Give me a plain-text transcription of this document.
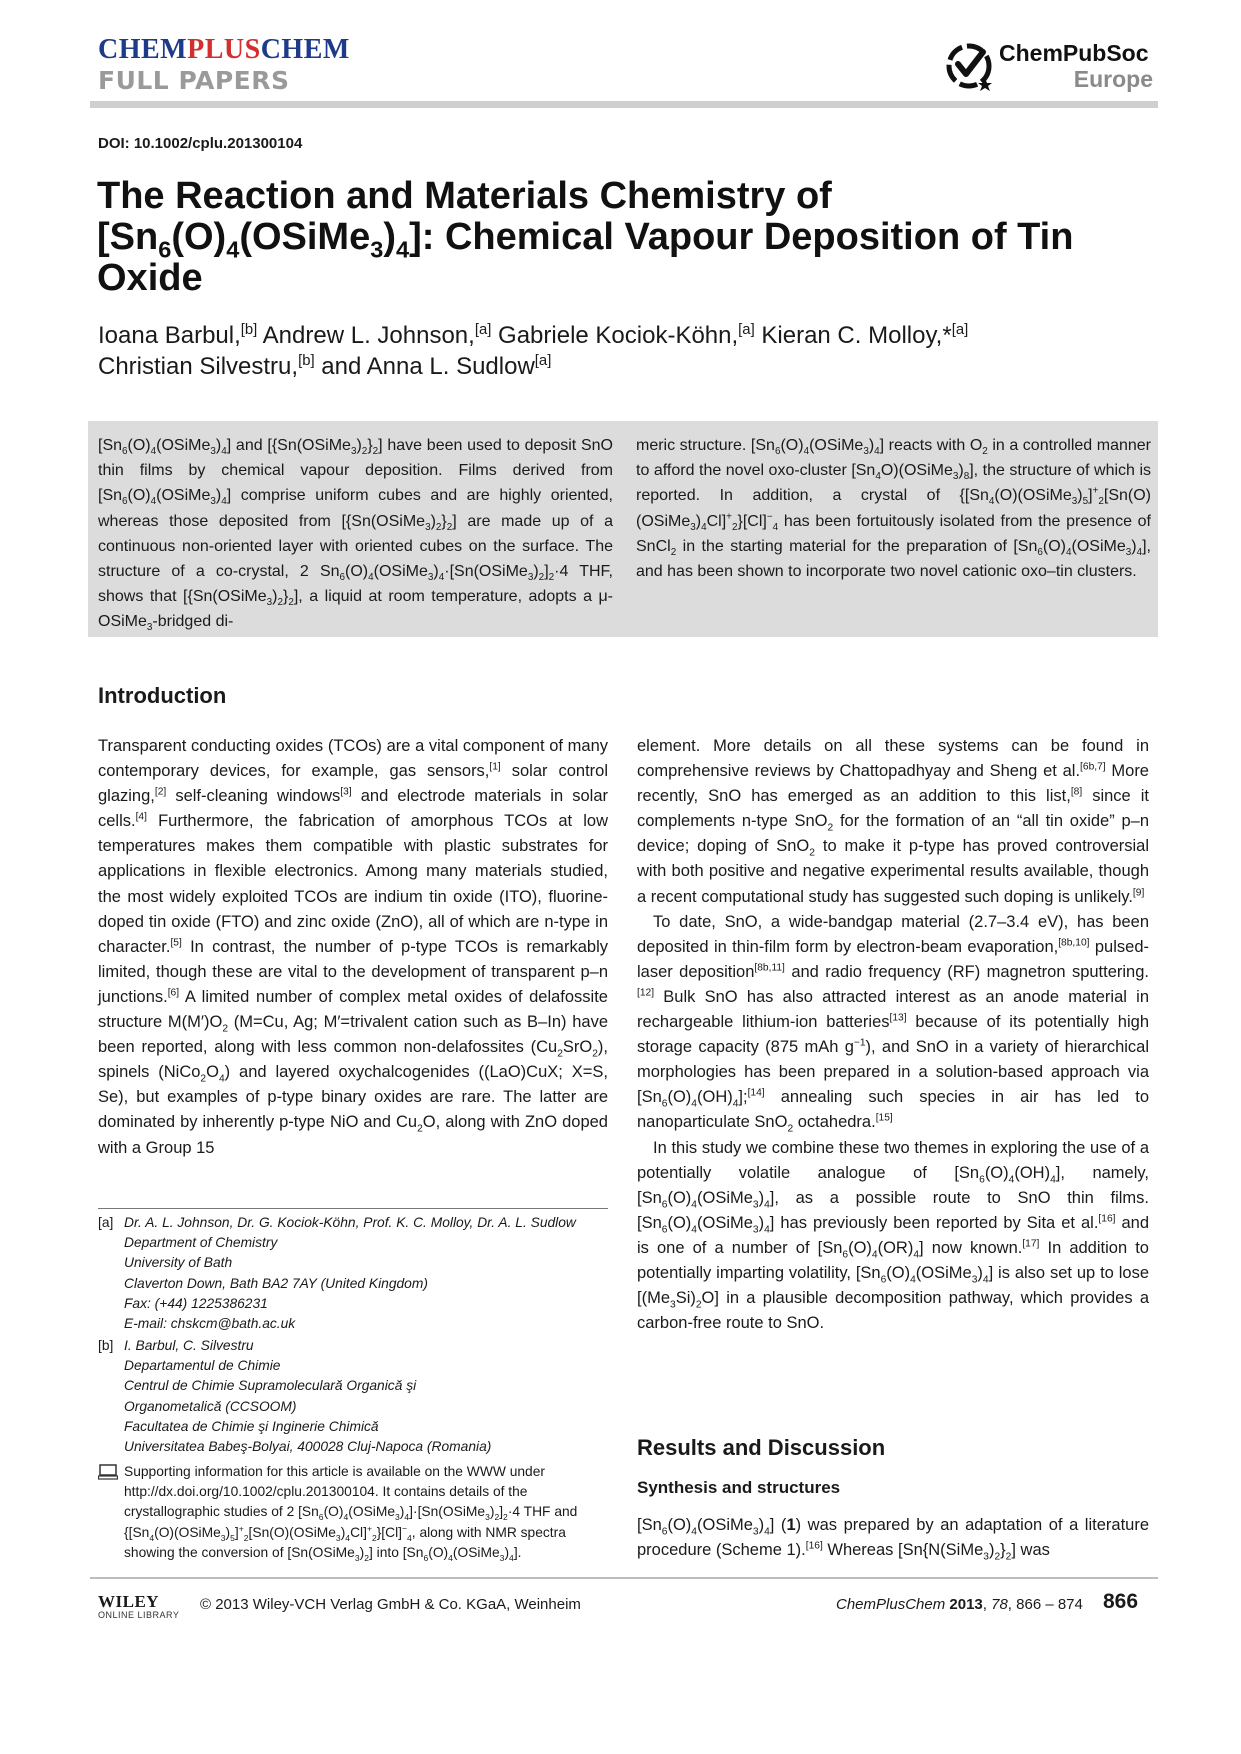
CHEMPLUSCHEM
FULL PAPERS
ChemPubSoc
Europe
DOI: 10.1002/cplu.201300104
The Reaction and Materials Chemistry of
$[Sn_6(O)_4(OSiMe_3)_4]$: Chemical Vapour Deposition of Tin
Oxide
Ioana Barbul,[b] Andrew L. Johnson,[a] Gabriele Kociok-Köhn,[a] Kieran C. Molloy,*[a]
Christian Silvestru,[b] and Anna L. Sudlow[a]
$[Sn_6(O)_4(OSiMe_3)_4]$ and $[\{Sn(OSiMe_3)_2\}_2]$ have been used to deposit SnO thin films by chemical vapour deposition. Films derived from $[Sn_6(O)_4(OSiMe_3)_4]$ comprise uniform cubes and are highly oriented, whereas those deposited from $[\{Sn(OSiMe_3)_2\}_2]$ are made up of a continuous non-oriented layer with oriented cubes on the surface. The structure of a co-crystal, 2 $Sn_6(O)_4(OSiMe_3)_4\cdot[Sn(OSiMe_3)_2]_2\cdot 4$ THF, shows that $[\{Sn(OSiMe_3)_2\}_2]$, a liquid at room temperature, adopts a μ-OSiMe$_3$-bridged di-
meric structure. $[Sn_6(O)_4(OSiMe_3)_4]$ reacts with $O_2$ in a controlled manner to afford the novel oxo-cluster $[Sn_4O)(OSiMe_3)_8$], the structure of which is reported. In addition, a crystal of $\{[Sn_4(O)(OSiMe_3)_5]^+_2[Sn(O)(OSiMe_3)_4Cl]^+_2\}[Cl]^-_4$ has been fortuitously isolated from the presence of SnCl$_2$ in the starting material for the preparation of $[Sn_6(O)_4(OSiMe_3)_4]$, and has been shown to incorporate two novel cationic oxo–tin clusters.
Introduction

Transparent conducting oxides (TCOs) are a vital component of many contemporary devices, for example, gas sensors,[1] solar control glazing,[2] self-cleaning windows[3] and electrode materials in solar cells.[4] Furthermore, the fabrication of amorphous TCOs at low temperatures makes them compatible with plastic substrates for applications in flexible electronics. Among many materials studied, the most widely exploited TCOs are indium tin oxide (ITO), fluorine-doped tin oxide (FTO) and zinc oxide (ZnO), all of which are n-type in character.[5] In contrast, the number of p-type TCOs is remarkably limited, though these are vital to the development of transparent p–n junctions.[6] A limited number of complex metal oxides of delafossite structure $M(M')O_2$ (M=Cu, Ag; M′=trivalent cation such as B–In) have been reported, along with less common non-delafossites $(Cu_2SrO_2)$, spinels $(NiCo_2O_4)$ and layered oxychalcogenides ((LaO)CuX; X=S, Se), but examples of p-type binary oxides are rare. The latter are dominated by inherently p-type NiO and $Cu_2O$, along with ZnO doped with a Group 15

element. More details on all these systems can be found in comprehensive reviews by Chattopadhyay and Sheng et al.[6b,7] More recently, SnO has emerged as an addition to this list,[8] since it complements n-type SnO$_2$ for the formation of an “all tin oxide” p–n device; doping of SnO$_2$ to make it p-type has proved controversial with both positive and negative experimental results available, though a recent computational study has suggested such doping is unlikely.[9]

To date, SnO, a wide-bandgap material (2.7–3.4 eV), has been deposited in thin-film form by electron-beam evaporation,[8b,10] pulsed-laser deposition[8b,11] and radio frequency (RF) magnetron sputtering.[12] Bulk SnO has also attracted interest as an anode material in rechargeable lithium-ion batteries[13] because of its potentially high storage capacity (875 mAh $g^{-1}$), and SnO in a variety of hierarchical morphologies has been prepared in a solution-based approach via $[Sn_6(O)_4(OH)_4];[14]$ annealing such species in air has led to nanoparticulate SnO$_2$ octahedra.[15]

In this study we combine these two themes in exploring the use of a potentially volatile analogue of $[Sn_6(O)_4(OH)_4]$, namely, $[Sn_6(O)_4(OSiMe_3)_4]$, as a possible route to SnO thin films. $[Sn_6(O)_4(OSiMe_3)_4]$ has previously been reported by Sita et al.[16] and is one of a number of $[Sn_6(O)_4(OR)_4]$ now known.[17] In addition to potentially imparting volatility, $[Sn_6(O)_4(OSiMe_3)_4]$ is also set up to lose $[(Me_3Si)_2O]$ in a plausible decomposition pathway, which provides a carbon-free route to SnO.

Results and Discussion
Synthesis and structures

$[Sn_6(O)_4(OSiMe_3)_4]$ (1) was prepared by an adaptation of a literature procedure (Scheme 1).[16] Whereas $[Sn\{N(SiMe_3)_2\}_2]$ was

[a] Dr. A. L. Johnson, Dr. G. Kociok-Köhn, Prof. K. C. Molloy, Dr. A. L. Sudlow
Department of Chemistry
University of Bath
Claverton Down, Bath BA2 7AY (United Kingdom)
Fax: (+44) 1225386231
E-mail: chskcm@bath.ac.uk
[b] I. Barbul, C. Silvestru
Departamentul de Chimie
Centrul de Chimie Supramoleculară Organică şi
Organometalică (CCSOOM)
Facultatea de Chimie şi Inginerie Chimică
Universitatea Babeş-Bolyai, 400028 Cluj-Napoca (Romania)
Supporting information for this article is available on the WWW under http://dx.doi.org/10.1002/cplu.201300104. It contains details of the crystallographic studies of 2 $[Sn_6(O)_4(OSiMe_3)_4]\cdot[Sn(OSiMe_3)_2]_2\cdot 4$ THF and $\{[Sn_4(O)(OSiMe_3)_5]^+_2[Sn(O)(OSiMe_3)_4Cl]^+_2\}[Cl]^-_4$, along with NMR spectra showing the conversion of $[Sn(OSiMe_3)_2]$ into $[Sn_6(O)_4(OSiMe_3)_4]$.
WILEY
ONLINE LIBRARY
© 2013 Wiley-VCH Verlag GmbH & Co. KGaA, Weinheim	ChemPlusChem 2013, 78, 866 – 874 866
